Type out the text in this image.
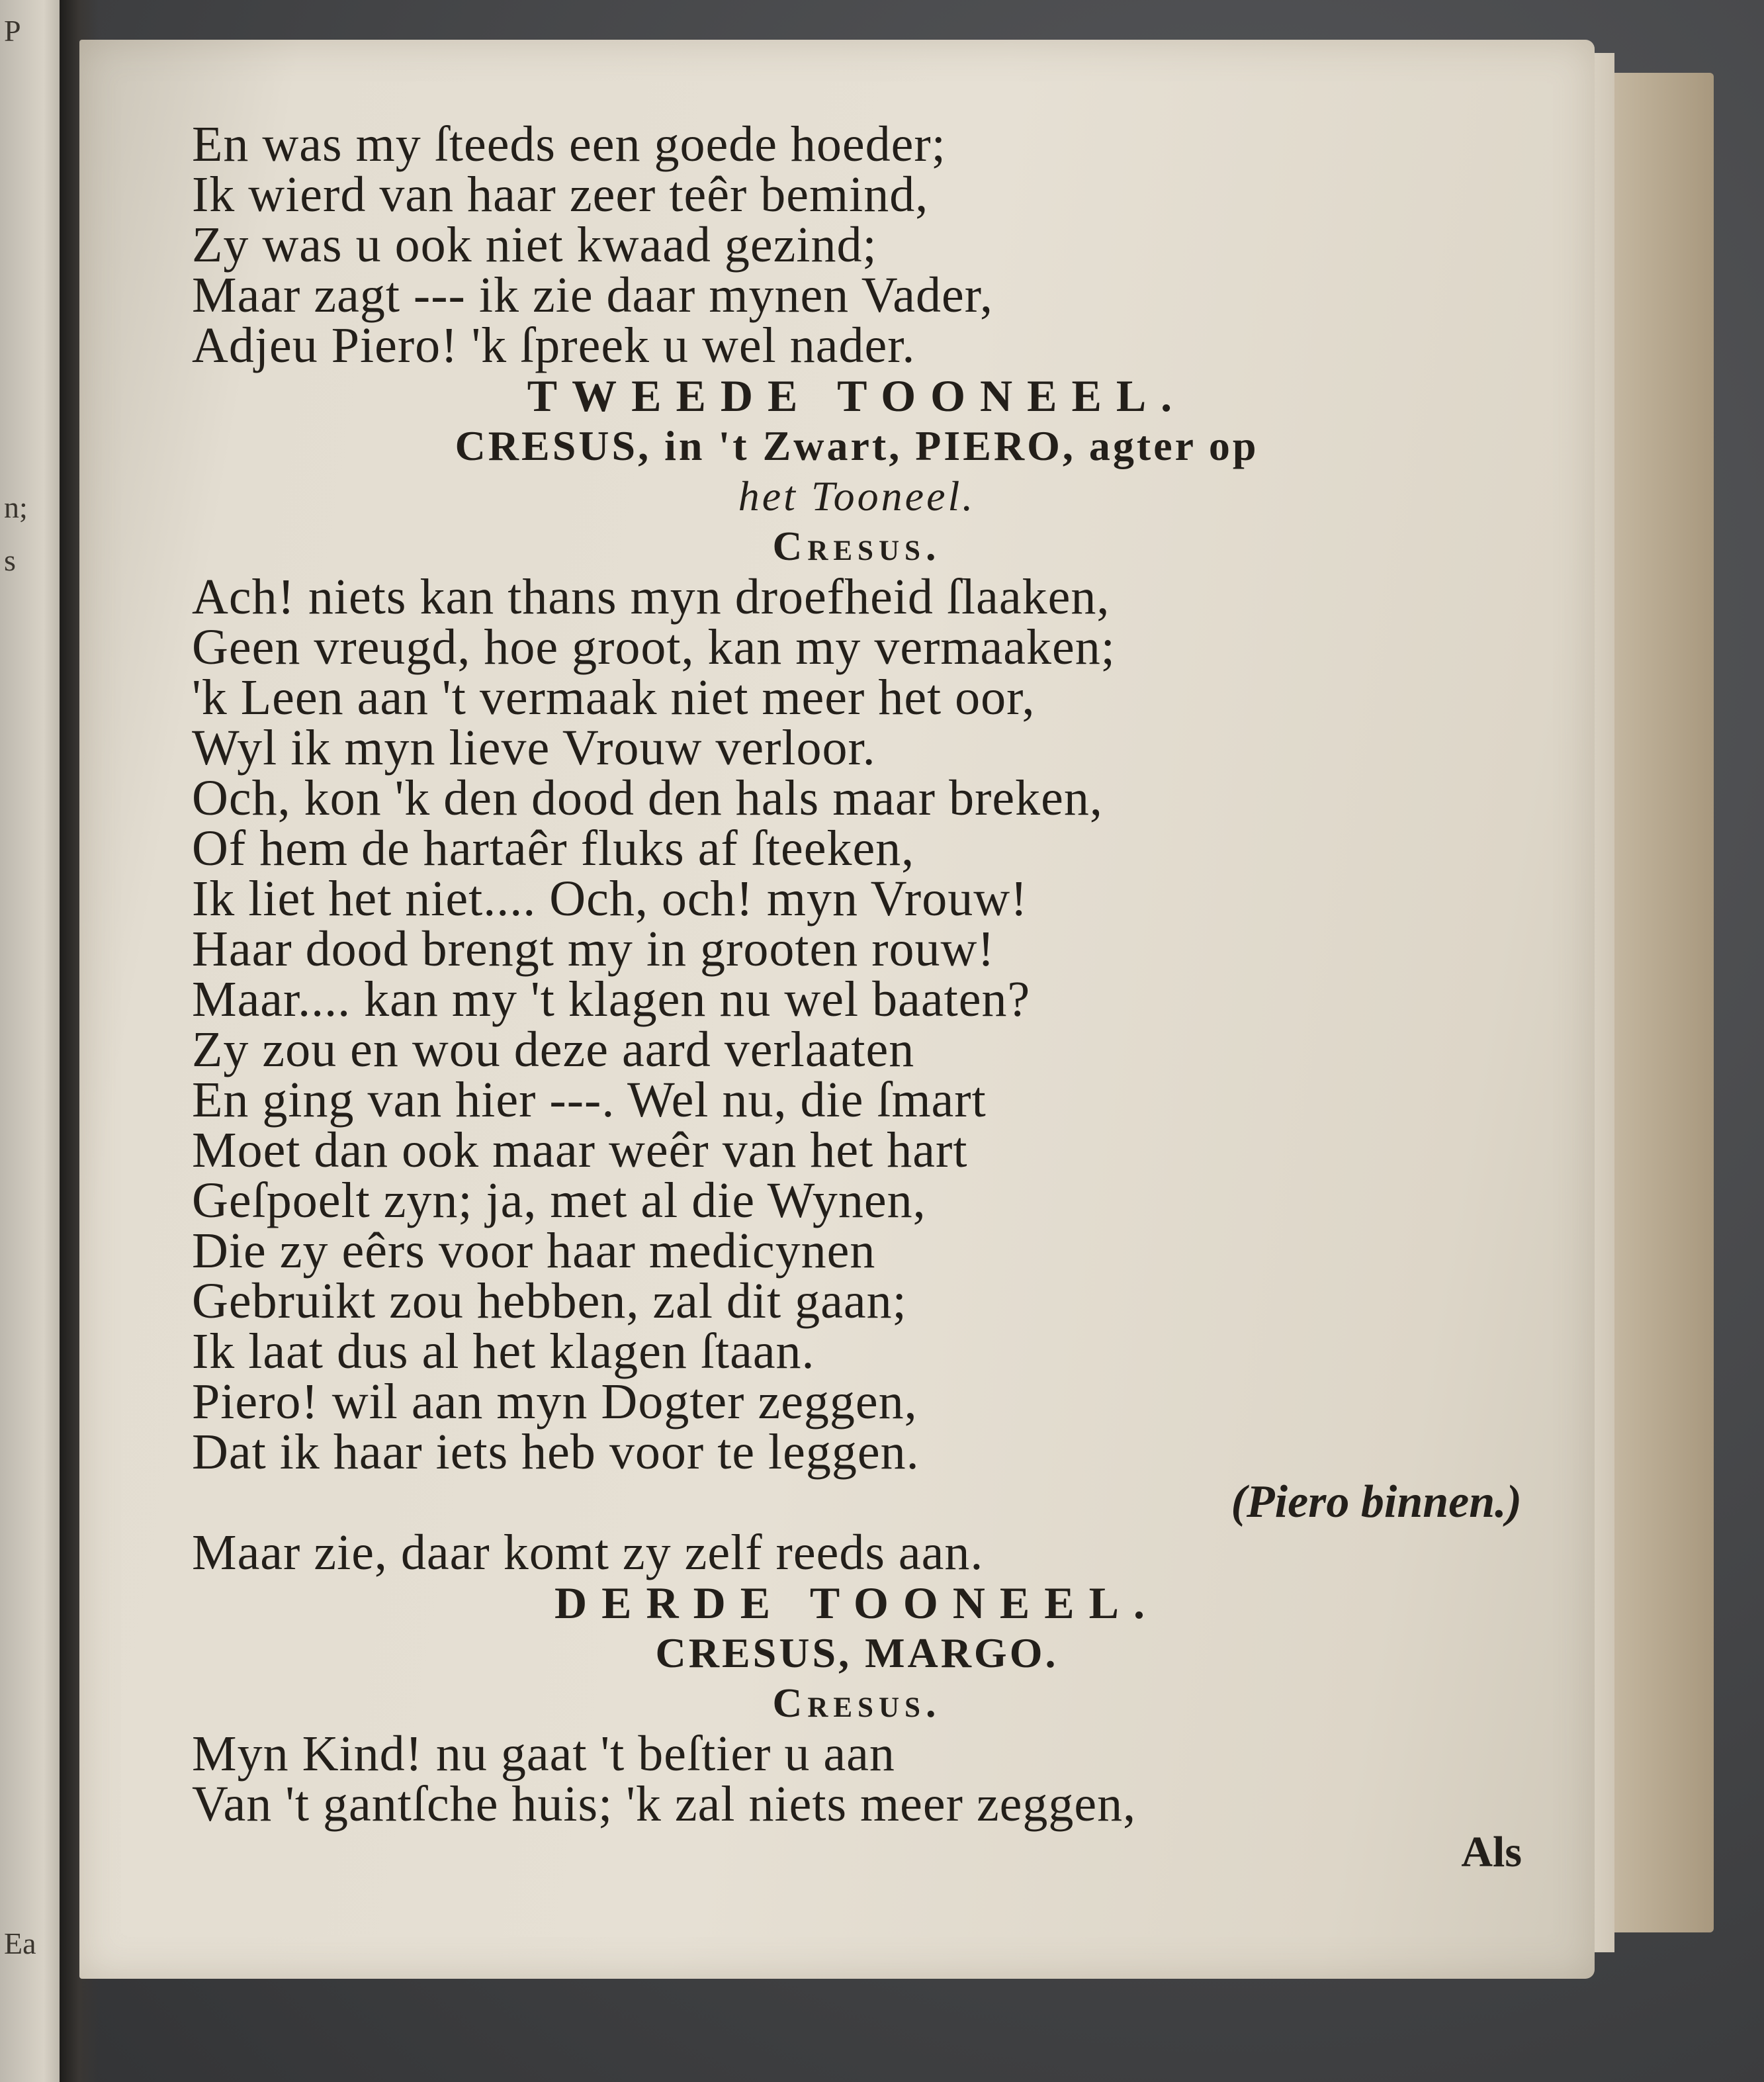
P
n;
s
Ea
En was my ſteeds een goede hoeder;
Ik wierd van haar zeer teêr bemind,
Zy was u ook niet kwaad gezind;
Maar zagt --- ik zie daar mynen Vader,
Adjeu Piero! 'k ſpreek u wel nader.
TWEEDE TOONEEL.
CRESUS, in 't Zwart, PIERO, agter op
het Tooneel.
Cresus.
Ach! niets kan thans myn droefheid ſlaaken,
Geen vreugd, hoe groot, kan my vermaaken;
'k Leen aan 't vermaak niet meer het oor,
Wyl ik myn lieve Vrouw verloor.
Och, kon 'k den dood den hals maar breken,
Of hem de hartaêr fluks af ſteeken,
Ik liet het niet.... Och, och! myn Vrouw!
Haar dood brengt my in grooten rouw!
Maar.... kan my 't klagen nu wel baaten?
Zy zou en wou deze aard verlaaten
En ging van hier ---. Wel nu, die ſmart
Moet dan ook maar weêr van het hart
Geſpoelt zyn; ja, met al die Wynen,
Die zy eêrs voor haar medicynen
Gebruikt zou hebben, zal dit gaan;
Ik laat dus al het klagen ſtaan.
Piero! wil aan myn Dogter zeggen,
Dat ik haar iets heb voor te leggen.
(Piero binnen.)
Maar zie, daar komt zy zelf reeds aan.
DERDE TOONEEL.
CRESUS, MARGO.
Cresus.
Myn Kind! nu gaat 't beſtier u aan
Van 't gantſche huis; 'k zal niets meer zeggen,
Als
